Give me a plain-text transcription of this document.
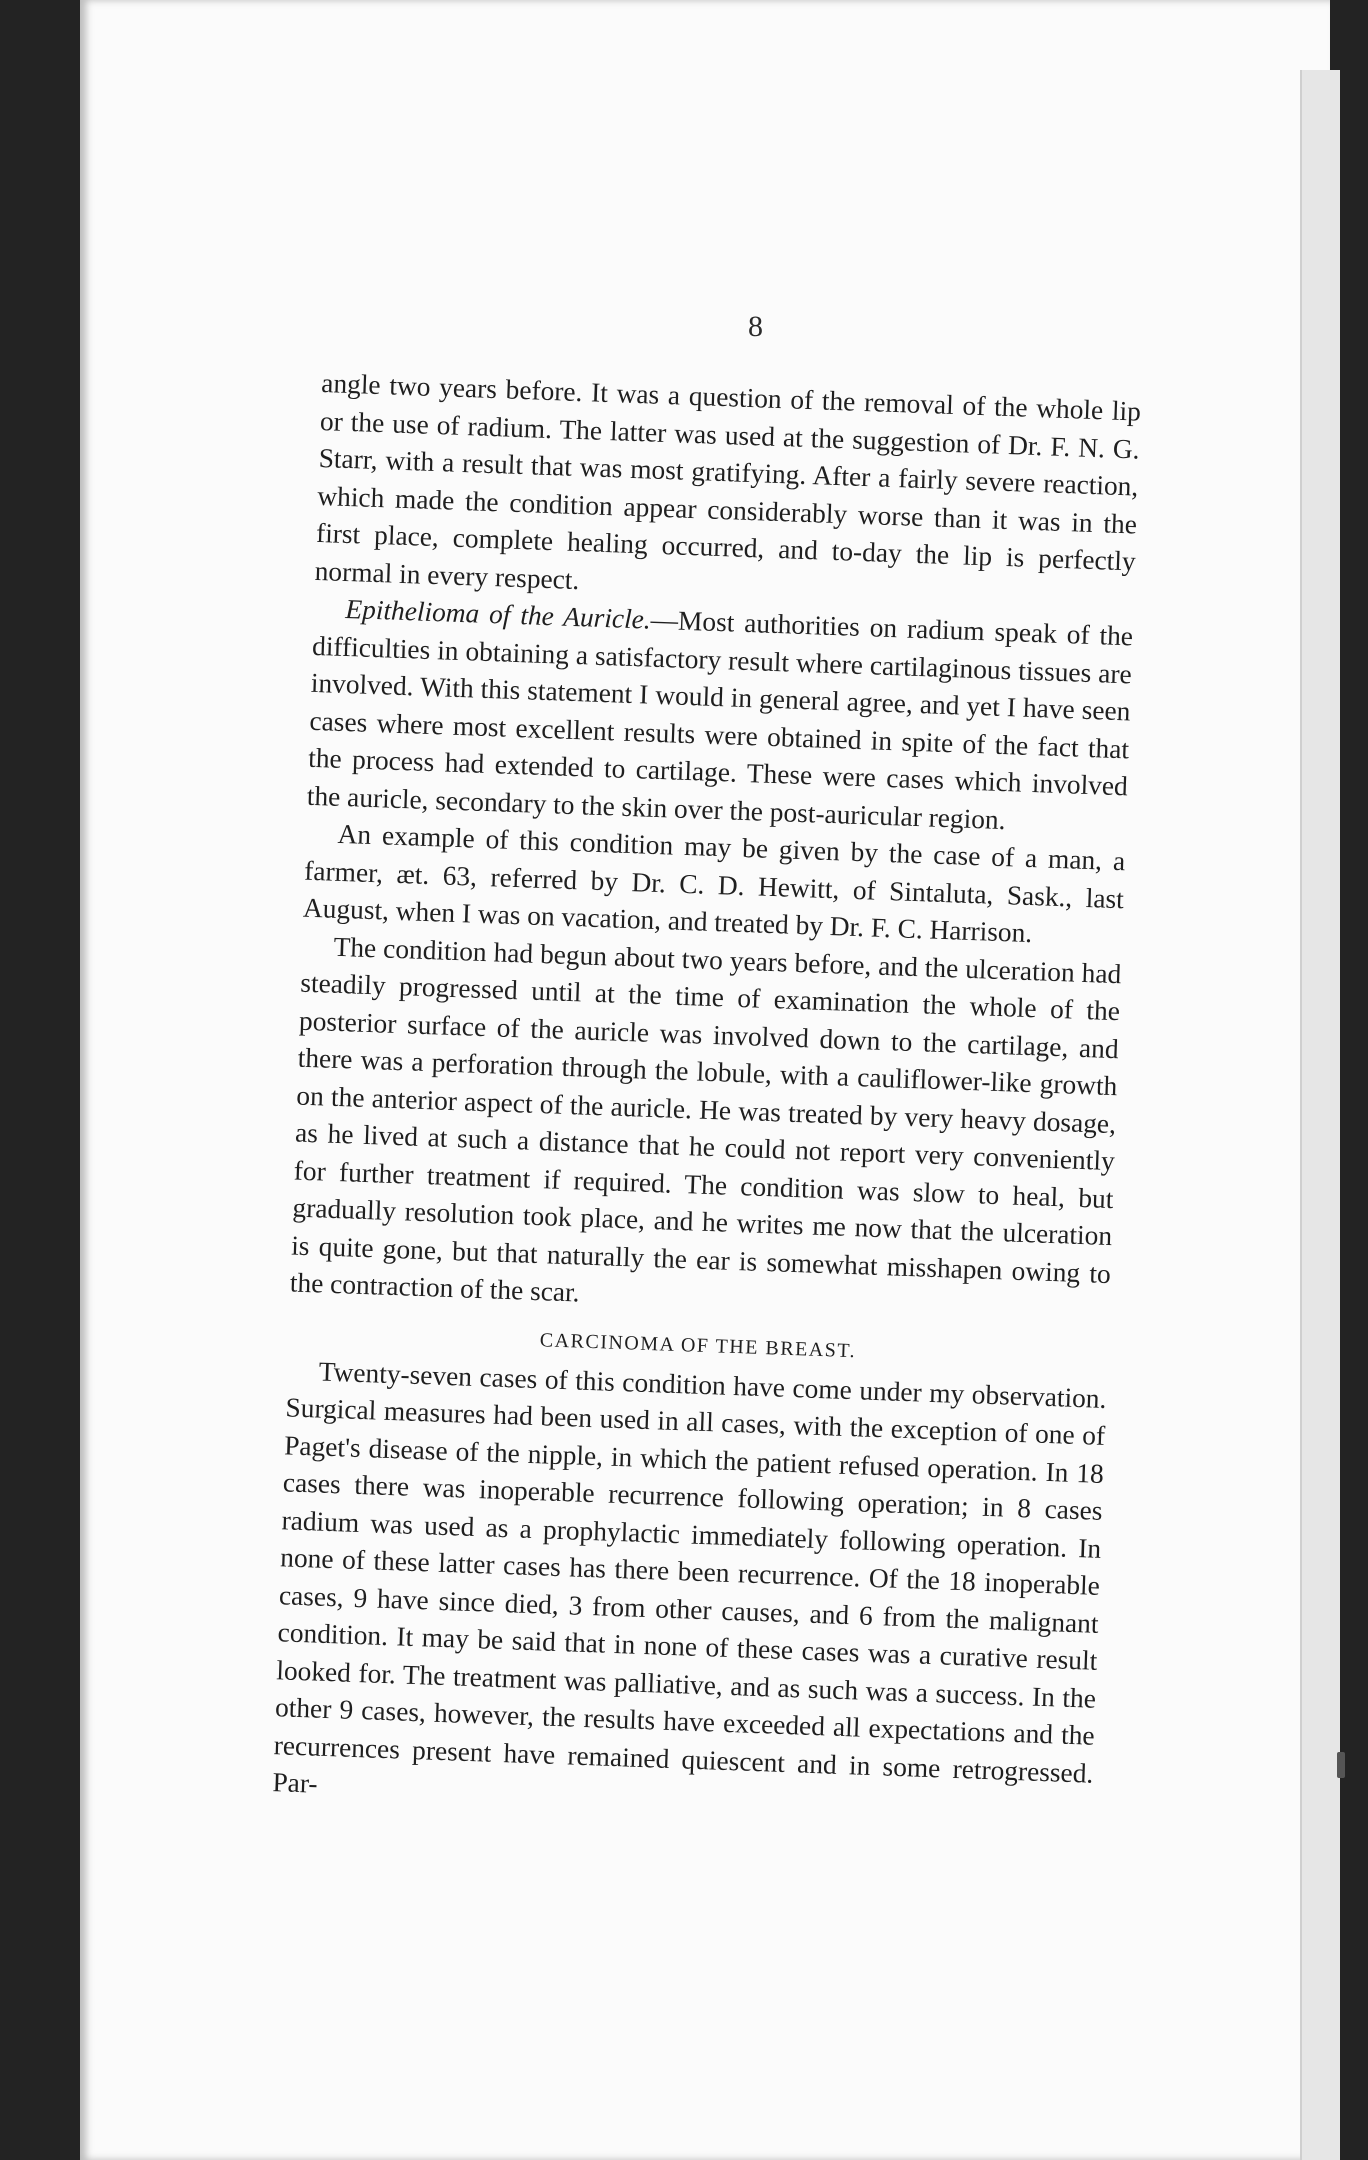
8

angle two years before. It was a question of the removal of the whole lip or the use of radium. The latter was used at the suggestion of Dr. F. N. G. Starr, with a result that was most gratifying. After a fairly severe reaction, which made the condition appear considerably worse than it was in the first place, complete healing occurred, and to-day the lip is perfectly normal in every respect.

Epithelioma of the Auricle.—Most authorities on radium speak of the difficulties in obtaining a satisfactory result where cartilaginous tissues are involved. With this statement I would in general agree, and yet I have seen cases where most excellent results were obtained in spite of the fact that the process had extended to cartilage. These were cases which involved the auricle, secondary to the skin over the post-auricular region.

An example of this condition may be given by the case of a man, a farmer, æt. 63, referred by Dr. C. D. Hewitt, of Sintaluta, Sask., last August, when I was on vacation, and treated by Dr. F. C. Harrison.

The condition had begun about two years before, and the ulceration had steadily progressed until at the time of examination the whole of the posterior surface of the auricle was involved down to the cartilage, and there was a perforation through the lobule, with a cauliflower-like growth on the anterior aspect of the auricle. He was treated by very heavy dosage, as he lived at such a distance that he could not report very conveniently for further treatment if required. The condition was slow to heal, but gradually resolution took place, and he writes me now that the ulceration is quite gone, but that naturally the ear is somewhat misshapen owing to the contraction of the scar.

CARCINOMA OF THE BREAST.

Twenty-seven cases of this condition have come under my observation. Surgical measures had been used in all cases, with the exception of one of Paget's disease of the nipple, in which the patient refused operation. In 18 cases there was inoperable recurrence following operation; in 8 cases radium was used as a prophylactic immediately following operation. In none of these latter cases has there been recurrence. Of the 18 inoperable cases, 9 have since died, 3 from other causes, and 6 from the malignant condition. It may be said that in none of these cases was a curative result looked for. The treatment was palliative, and as such was a success. In the other 9 cases, however, the results have exceeded all expectations and the recurrences present have remained quiescent and in some retrogressed. Par-
